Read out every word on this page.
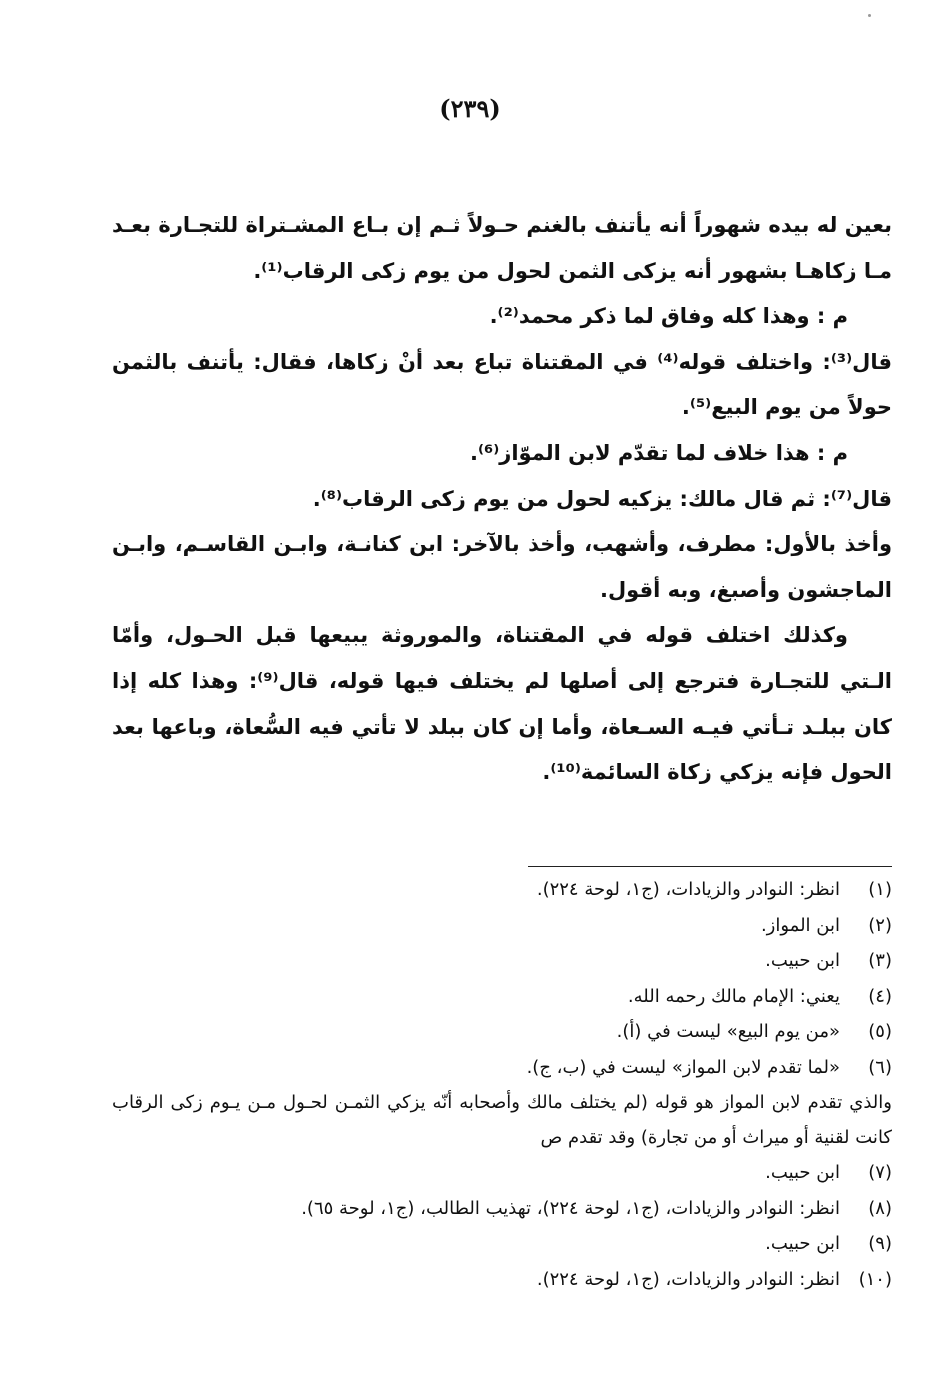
(٢٣٩)

بعين له بيده شهوراً أنه يأتنف بالغنم حـولاً ثـم إن بـاع المشـتراة للتجـارة بعـد مـا زكاهـا بشهور أنه يزكى الثمن لحول من يوم زكى الرقاب⁽¹⁾.

م : وهذا كله وفاق لما ذكر محمد⁽²⁾.

قال⁽³⁾: واختلف قوله⁽⁴⁾ في المقتناة تباع بعد أنْ زكاها، فقال: يأتنف بالثمن حولاً من يوم البيع⁽⁵⁾.

م : هذا خلاف لما تقدّم لابن الموّاز⁽⁶⁾.

قال⁽⁷⁾: ثم قال مالك: يزكيه لحول من يوم زكى الرقاب⁽⁸⁾.

وأخذ بالأول: مطرف، وأشهب، وأخذ بالآخر: ابن كنانـة، وابـن القاسـم، وابـن الماجشون وأصبغ، وبه أقول.

وكذلك اختلف قوله في المقتناة، والموروثة يبيعها قبل الحـول، وأمّا الـتي للتجـارة فترجع إلى أصلها لم يختلف فيها قوله، قال⁽⁹⁾: وهذا كله إذا كان ببلـد تـأتي فيـه السـعاة، وأما إن كان ببلد لا تأتي فيه السُّعاة، وباعها بعد الحول فإنه يزكي زكاة السائمة⁽¹⁰⁾.

(١)
انظر: النوادر والزيادات، (ج١، لوحة ٢٢٤).
(٢)
ابن المواز.
(٣)
ابن حبيب.
(٤)
يعني: الإمام مالك رحمه الله.
(٥)
«من يوم البيع» ليست في (أ).
(٦)
«لما تقدم لابن المواز» ليست في (ب، ج).
والذي تقدم لابن المواز هو قوله (لم يختلف مالك وأصحابه أنّه يزكي الثمـن لحـول مـن يـوم زكى الرقاب كانت لقنية أو ميراث أو من تجارة) وقد تقدم ص
(٧)
ابن حبيب.
(٨)
انظر: النوادر والزيادات، (ج١، لوحة ٢٢٤)، تهذيب الطالب، (ج١، لوحة ٦٥).
(٩)
ابن حبيب.
(١٠)
انظر: النوادر والزيادات، (ج١، لوحة ٢٢٤).
